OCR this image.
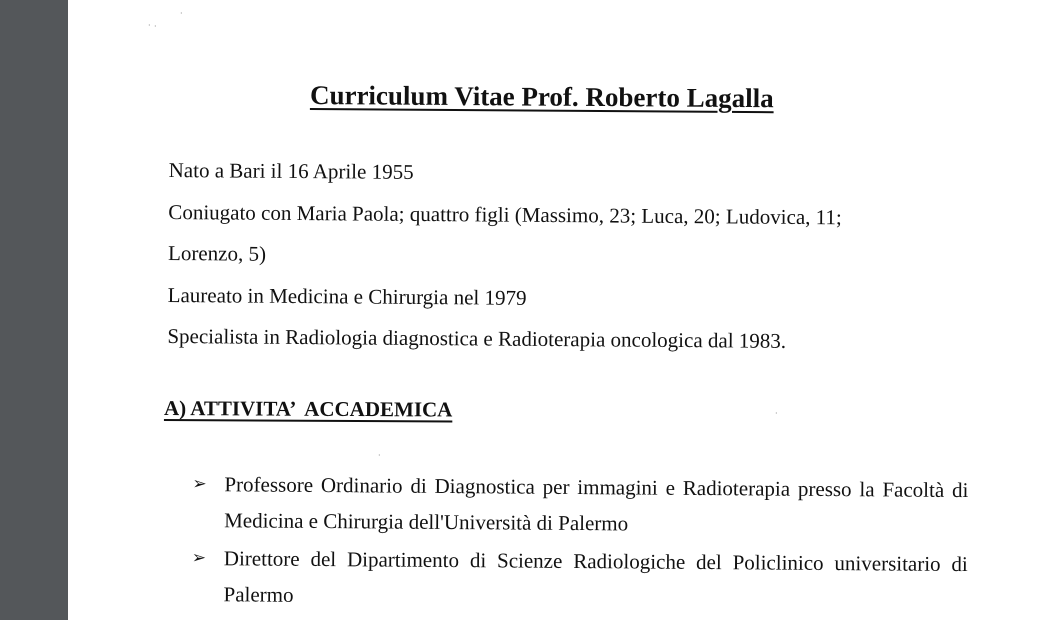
·
· ·
·
·
Curriculum Vitae Prof. Roberto Lagalla
Nato a Bari il 16 Aprile 1955
Coniugato con Maria Paola; quattro figli (Massimo, 23; Luca, 20; Ludovica, 11;
Lorenzo, 5)
Laureato in Medicina e Chirurgia nel 1979
Specialista in Radiologia diagnostica e Radioterapia oncologica dal 1983.
A) ATTIVITA’  ACCADEMICA
➢ Professore Ordinario di Diagnostica per immagini e Radioterapia presso la Facoltà di Medicina e Chirurgia dell'Università di Palermo
➢ Direttore del Dipartimento di Scienze Radiologiche del Policlinico universitario di Palermo
